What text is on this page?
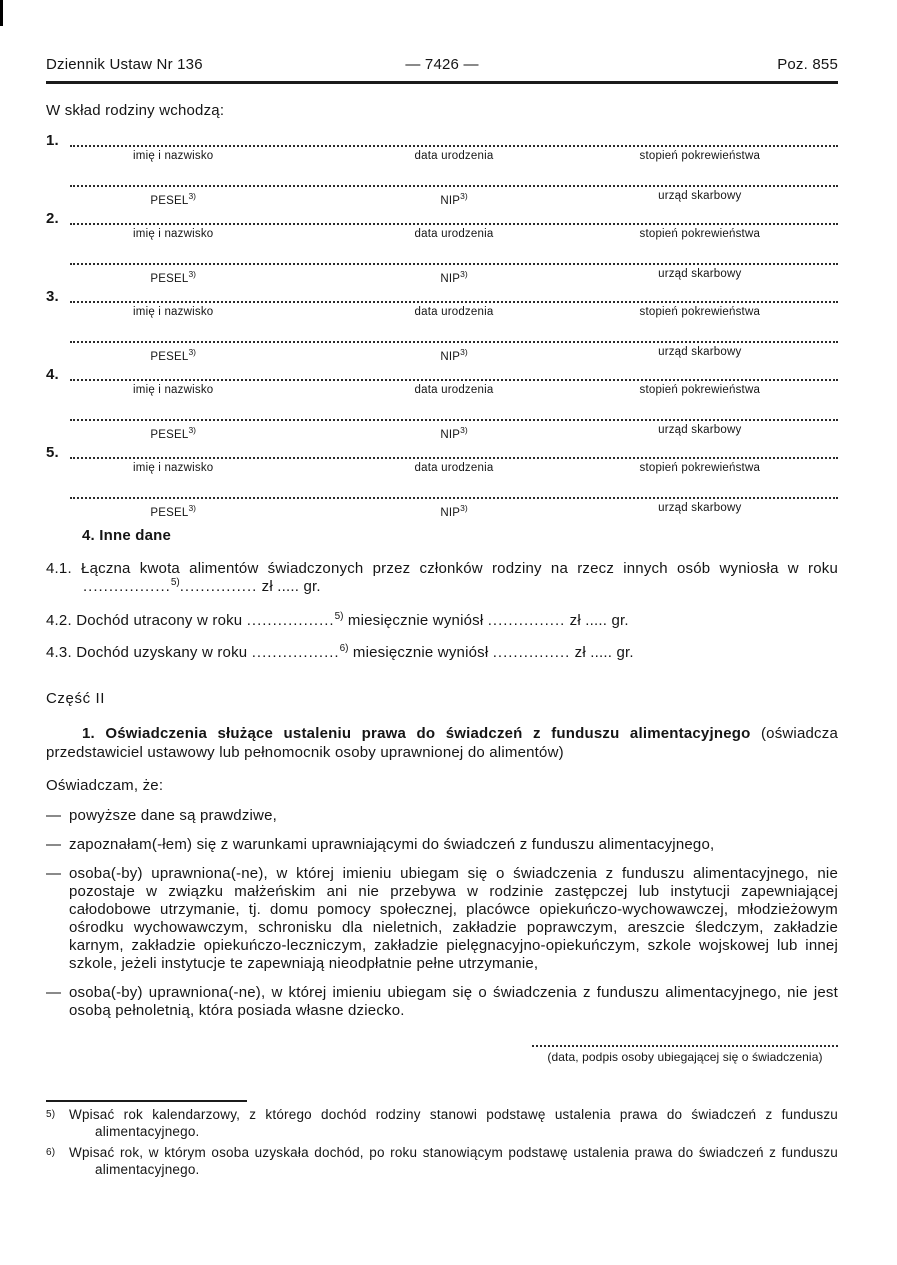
Dziennik Ustaw Nr 136	— 7426 —	Poz. 855
W skład rodziny wchodzą:
1.
imię i nazwisko	data urodzenia	stopień pokrewieństwa
PESEL$^{3)}$	NIP$^{3)}$	urząd skarbowy
2.
imię i nazwisko	data urodzenia	stopień pokrewieństwa
PESEL$^{3)}$	NIP$^{3)}$	urząd skarbowy
3.
imię i nazwisko	data urodzenia	stopień pokrewieństwa
PESEL$^{3)}$	NIP$^{3)}$	urząd skarbowy
4.
imię i nazwisko	data urodzenia	stopień pokrewieństwa
PESEL$^{3)}$	NIP$^{3)}$	urząd skarbowy
5.
imię i nazwisko	data urodzenia	stopień pokrewieństwa
PESEL$^{3)}$	NIP$^{3)}$	urząd skarbowy
4. Inne dane
4.1. Łączna kwota alimentów świadczonych przez członków rodziny na rzecz innych osób wyniosła w roku
.................$^{5)}$............... zł ..... gr.
4.2. Dochód utracony w roku .................$^{5)}$ miesięcznie wyniósł ............... zł ..... gr.
4.3. Dochód uzyskany w roku .................$^{6)}$ miesięcznie wyniósł ............... zł ..... gr.
Część II
1. Oświadczenia służące ustaleniu prawa do świadczeń z funduszu alimentacyjnego (oświadcza przedstawiciel ustawowy lub pełnomocnik osoby uprawnionej do alimentów)
Oświadczam, że:
— powyższe dane są prawdziwe,
— zapoznałam(-łem) się z warunkami uprawniającymi do świadczeń z funduszu alimentacyjnego,
— osoba(-by) uprawniona(-ne), w której imieniu ubiegam się o świadczenia z funduszu alimentacyjnego, nie pozostaje w związku małżeńskim ani nie przebywa w rodzinie zastępczej lub instytucji zapewniającej całodobowe utrzymanie, tj. domu pomocy społecznej, placówce opiekuńczo-wychowawczej, młodzieżowym ośrodku wychowawczym, schronisku dla nieletnich, zakładzie poprawczym, areszcie śledczym, zakładzie karnym, zakładzie opiekuńczo-leczniczym, zakładzie pielęgnacyjno-opiekuńczym, szkole wojskowej lub innej szkole, jeżeli instytucje te zapewniają nieodpłatnie pełne utrzymanie,
— osoba(-by) uprawniona(-ne), w której imieniu ubiegam się o świadczenia z funduszu alimentacyjnego, nie jest osobą pełnoletnią, która posiada własne dziecko.
(data, podpis osoby ubiegającej się o świadczenia)
$^{5)}$	Wpisać rok kalendarzowy, z którego dochód rodziny stanowi podstawę ustalenia prawa do świadczeń z funduszu alimentacyjnego.
$^{6)}$	Wpisać rok, w którym osoba uzyskała dochód, po roku stanowiącym podstawę ustalenia prawa do świadczeń z funduszu alimentacyjnego.
